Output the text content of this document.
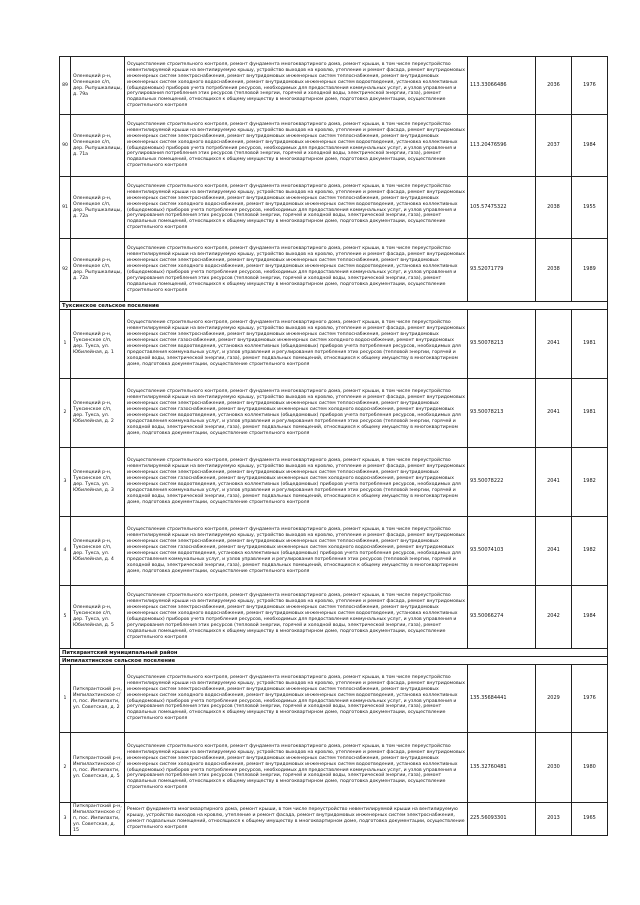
89	Оленецкий р-н, Оленецкое с/п, дер. Рыпушкалицы, д. 79а	Осуществление строительного контроля, ремонт фундамента многоквартирного дома, ремонт крыши, в том числе переустройство невентилируемой крыши на вентилируемую крышу, устройство выходов на кровлю, утепление и ремонт фасада, ремонт внутридомовых инженерных систем электроснабжения, ремонт внутридомовых инженерных систем теплоснабжения, ремонт внутридомовых инженерных систем холодного водоснабжения, ремонт внутридомовых инженерных систем водоотведения, установка коллективных (общедомовых) приборов учета потребления ресурсов, необходимых для предоставления коммунальных услуг, и узлов управления и регулирования потребления этих ресурсов (тепловой энергии, горячей и холодной воды, электрической энергии, газа), ремонт подвальных помещений, относящихся к общему имуществу в многоквартирном доме, подготовка документации, осуществление строительного контроля	113.33066486	2036	1976
90	Оленецкий р-н, Оленецкое с/п, дер. Рыпушкалицы, д. 71а	Осуществление строительного контроля, ремонт фундамента многоквартирного дома, ремонт крыши, в том числе переустройство невентилируемой крыши на вентилируемую крышу, устройство выходов на кровлю, утепление и ремонт фасада, ремонт внутридомовых инженерных систем электроснабжения, ремонт внутридомовых инженерных систем теплоснабжения, ремонт внутридомовых инженерных систем холодного водоснабжения, ремонт внутридомовых инженерных систем водоотведения, установка коллективных (общедомовых) приборов учета потребления ресурсов, необходимых для предоставления коммунальных услуг, и узлов управления и регулирования потребления этих ресурсов (тепловой энергии, горячей и холодной воды, электрической энергии, газа), ремонт подвальных помещений, относящихся к общему имуществу в многоквартирном доме, подготовка документации, осуществление строительного контроля	113.20476596	2037	1984
91	Оленецкий р-н, Оленецкое с/п, дер. Рыпушкалицы, д. 72а	Осуществление строительного контроля, ремонт фундамента многоквартирного дома, ремонт крыши, в том числе переустройство невентилируемой крыши на вентилируемую крышу, устройство выходов на кровлю, утепление и ремонт фасада, ремонт внутридомовых инженерных систем электроснабжения, ремонт внутридомовых инженерных систем теплоснабжения, ремонт внутридомовых инженерных систем холодного водоснабжения, ремонт внутридомовых инженерных систем водоотведения, установка коллективных (общедомовых) приборов учета потребления ресурсов, необходимых для предоставления коммунальных услуг, и узлов управления и регулирования потребления этих ресурсов (тепловой энергии, горячей и холодной воды, электрической энергии, газа), ремонт подвальных помещений, относящихся к общему имуществу в многоквартирном доме, подготовка документации, осуществление строительного контроля	105.57475322	2038	1955
92	Оленецкий р-н, Оленецкое с/п, дер. Рыпушкалицы, д. 72а	Осуществление строительного контроля, ремонт фундамента многоквартирного дома, ремонт крыши, в том числе переустройство невентилируемой крыши на вентилируемую крышу, устройство выходов на кровлю, утепление и ремонт фасада, ремонт внутридомовых инженерных систем электроснабжения, ремонт внутридомовых инженерных систем теплоснабжения, ремонт внутридомовых инженерных систем холодного водоснабжения, ремонт внутридомовых инженерных систем водоотведения, установка коллективных (общедомовых) приборов учета потребления ресурсов, необходимых для предоставления коммунальных услуг, и узлов управления и регулирования потребления этих ресурсов (тепловой энергии, горячей и холодной воды, электрической энергии, газа), ремонт подвальных помещений, относящихся к общему имуществу в многоквартирном доме, подготовка документации, осуществление строительного контроля	93.52071779	2038	1989
Туксинское сельское поселение					
1	Оленецкий р-н, Туксинское с/п, дер. Тукса, ул. Юбилейная, д. 1	Осуществление строительного контроля, ремонт фундамента многоквартирного дома, ремонт крыши, в том числе переустройство невентилируемой крыши на вентилируемую крышу, устройство выходов на кровлю, утепление и ремонт фасада, ремонт внутридомовых инженерных систем электроснабжения, ремонт внутридомовых инженерных систем теплоснабжения, ремонт внутридомовых инженерных систем газоснабжения, ремонт внутридомовых инженерных систем холодного водоснабжения, ремонт внутридомовых инженерных систем водоотведения, установка коллективных (общедомовых) приборов учета потребления ресурсов, необходимых для предоставления коммунальных услуг, и узлов управления и регулирования потребления этих ресурсов (тепловой энергии, горячей и холодной воды, электрической энергии, газа), ремонт подвальных помещений, относящихся к общему имуществу в многоквартирном доме, подготовка документации, осуществление строительного контроля	93.50078213	2041	1981
2	Оленецкий р-н, Туксинское с/п, дер. Тукса, ул. Юбилейная, д. 2	Осуществление строительного контроля, ремонт фундамента многоквартирного дома, ремонт крыши, в том числе переустройство невентилируемой крыши на вентилируемую крышу, устройство выходов на кровлю, утепление и ремонт фасада, ремонт внутридомовых инженерных систем электроснабжения, ремонт внутридомовых инженерных систем теплоснабжения, ремонт внутридомовых инженерных систем газоснабжения, ремонт внутридомовых инженерных систем холодного водоснабжения, ремонт внутридомовых инженерных систем водоотведения, установка коллективных (общедомовых) приборов учета потребления ресурсов, необходимых для предоставления коммунальных услуг, и узлов управления и регулирования потребления этих ресурсов (тепловой энергии, горячей и холодной воды, электрической энергии, газа), ремонт подвальных помещений, относящихся к общему имуществу в многоквартирном доме, подготовка документации, осуществление строительного контроля	93.50078213	2041	1981
3	Оленецкий р-н, Туксинское с/п, дер. Тукса, ул. Юбилейная, д. 3	Осуществление строительного контроля, ремонт фундамента многоквартирного дома, ремонт крыши, в том числе переустройство невентилируемой крыши на вентилируемую крышу, устройство выходов на кровлю, утепление и ремонт фасада, ремонт внутридомовых инженерных систем электроснабжения, ремонт внутридомовых инженерных систем теплоснабжения, ремонт внутридомовых инженерных систем газоснабжения, ремонт внутридомовых инженерных систем холодного водоснабжения, ремонт внутридомовых инженерных систем водоотведения, установка коллективных (общедомовых) приборов учета потребления ресурсов, необходимых для предоставления коммунальных услуг, и узлов управления и регулирования потребления этих ресурсов (тепловой энергии, горячей и холодной воды, электрической энергии, газа), ремонт подвальных помещений, относящихся к общему имуществу в многоквартирном доме, подготовка документации, осуществление строительного контроля	93.50078222	2041	1982
4	Оленецкий р-н, Туксинское с/п, дер. Тукса, ул. Юбилейная, д. 4	Осуществление строительного контроля, ремонт фундамента многоквартирного дома, ремонт крыши, в том числе переустройство невентилируемой крыши на вентилируемую крышу, устройство выходов на кровлю, утепление и ремонт фасада, ремонт внутридомовых инженерных систем электроснабжения, ремонт внутридомовых инженерных систем теплоснабжения, ремонт внутридомовых инженерных систем газоснабжения, ремонт внутридомовых инженерных систем холодного водоснабжения, ремонт внутридомовых инженерных систем водоотведения, установка коллективных (общедомовых) приборов учета потребления ресурсов, необходимых для предоставления коммунальных услуг, и узлов управления и регулирования потребления этих ресурсов (тепловой энергии, горячей и холодной воды, электрической энергии, газа), ремонт подвальных помещений, относящихся к общему имуществу в многоквартирном доме, подготовка документации, осуществление строительного контроля	93.50074103	2041	1982
5	Оленецкий р-н, Туксинское с/п, дер. Тукса, ул. Юбилейная, д. 5	Осуществление строительного контроля, ремонт фундамента многоквартирного дома, ремонт крыши, в том числе переустройство невентилируемой крыши на вентилируемую крышу, устройство выходов на кровлю, утепление и ремонт фасада, ремонт внутридомовых инженерных систем электроснабжения, ремонт внутридомовых инженерных систем теплоснабжения, ремонт внутридомовых инженерных систем холодного водоснабжения, ремонт внутридомовых инженерных систем водоотведения, установка коллективных (общедомовых) приборов учета потребления ресурсов, необходимых для предоставления коммунальных услуг, и узлов управления и регулирования потребления этих ресурсов (тепловой энергии, горячей и холодной воды, электрической энергии, газа), ремонт подвальных помещений, относящихся к общему имуществу в многоквартирном доме, подготовка документации, осуществление строительного контроля	93.50066274	2042	1984
Питкярантский муниципальный район					
Импилахтинское сельское поселение					
1	Питкярантский р-н, Импилахтинское с/п, пос. Импилахти, ул. Советская, д. 2	Осуществление строительного контроля, ремонт фундамента многоквартирного дома, ремонт крыши, в том числе переустройство невентилируемой крыши на вентилируемую крышу, устройство выходов на кровлю, утепление и ремонт фасада, ремонт внутридомовых инженерных систем электроснабжения, ремонт внутридомовых инженерных систем теплоснабжения, ремонт внутридомовых инженерных систем холодного водоснабжения, ремонт внутридомовых инженерных систем водоотведения, установка коллективных (общедомовых) приборов учета потребления ресурсов, необходимых для предоставления коммунальных услуг, и узлов управления и регулирования потребления этих ресурсов (тепловой энергии, горячей и холодной воды, электрической энергии, газа), ремонт подвальных помещений, относящихся к общему имуществу в многоквартирном доме, подготовка документации, осуществление строительного контроля	135.35684441	2029	1976
2	Питкярантский р-н, Импилахтинское с/п, пос. Импилахти, ул. Советская, д. 5	Осуществление строительного контроля, ремонт фундамента многоквартирного дома, ремонт крыши, в том числе переустройство невентилируемой крыши на вентилируемую крышу, устройство выходов на кровлю, утепление и ремонт фасада, ремонт внутридомовых инженерных систем электроснабжения, ремонт внутридомовых инженерных систем теплоснабжения, ремонт внутридомовых инженерных систем холодного водоснабжения, ремонт внутридомовых инженерных систем водоотведения, установка коллективных (общедомовых) приборов учета потребления ресурсов, необходимых для предоставления коммунальных услуг, и узлов управления и регулирования потребления этих ресурсов (тепловой энергии, горячей и холодной воды, электрической энергии, газа), ремонт подвальных помещений, относящихся к общему имуществу в многоквартирном доме, подготовка документации, осуществление строительного контроля	135.32760481	2030	1980
3	Питкярантский р-н, Импилахтинское с/п, пос. Импилахти, ул. Советская, д. 15	Ремонт фундамента многоквартирного дома, ремонт крыши, в том числе переустройство невентилируемой крыши на вентилируемую крышу, устройство выходов на кровлю, утепление и ремонт фасада, ремонт внутридомовых инженерных систем электроснабжения, ремонт подвальных помещений, относящихся к общему имуществу в многоквартирном доме, подготовка документации, осуществление строительного контроля	225.56093301	2013	1965
